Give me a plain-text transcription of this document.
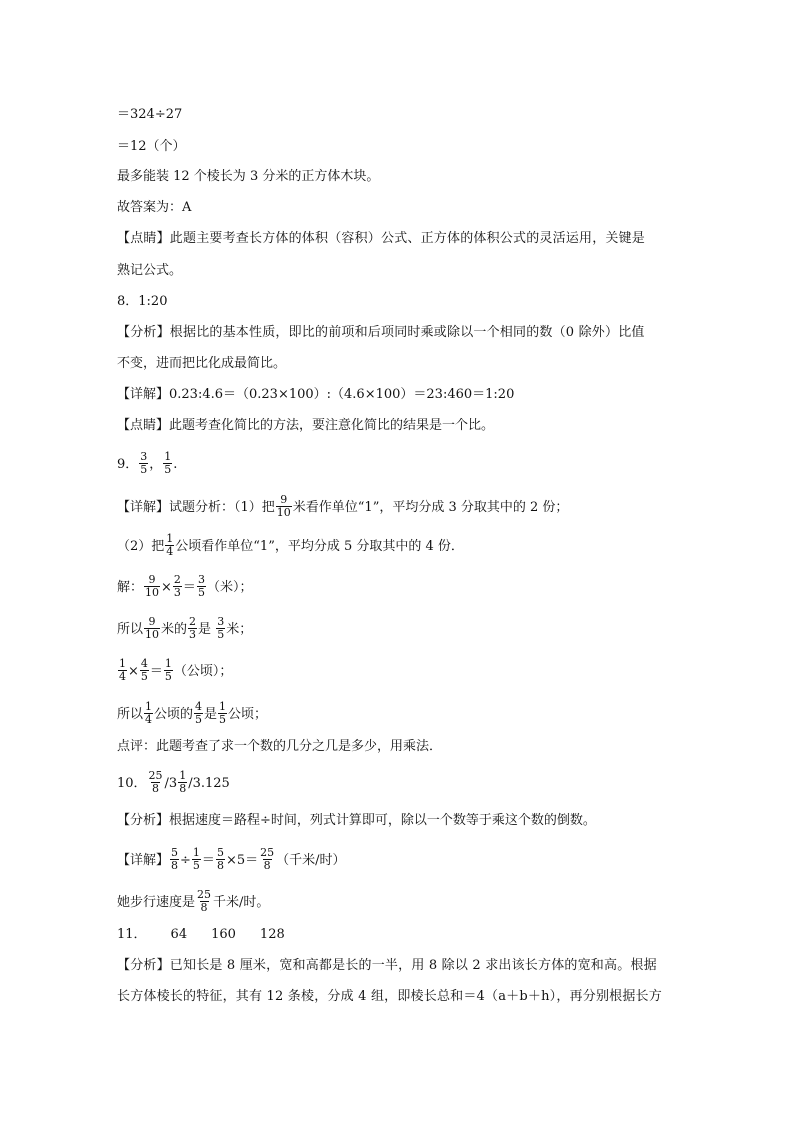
＝324÷27
＝12（个）
最多能装 12 个棱长为 3 分米的正方体木块。
故答案为：A
【点睛】此题主要考查长方体的体积（容积）公式、正方体的体积公式的灵活运用，关键是
熟记公式。
8．1:20
【分析】根据比的基本性质，即比的前项和后项同时乘或除以一个相同的数（0 除外）比值
不变，进而把比化成最简比。
【详解】0.23:4.6＝（0.23×100）:（4.6×100）＝23:460＝1:20
【点睛】此题考查化简比的方法，要注意化简比的结果是一个比。
9． $\frac{3}{5}$ ， $\frac{1}{5}$ .
【详解】试题分析：（1）把 $\frac{9}{10}$ 米看作单位“1”，平均分成 3 分取其中的 2 份；
（2）把 $\frac{1}{4}$ 公顷看作单位“1”，平均分成 5 分取其中的 4 份．
解： $\frac{9}{10} \times \frac{2}{3} = \frac{3}{5}$ （米）；
所以 $\frac{9}{10}$ 米的 $\frac{2}{3}$ 是 $\frac{3}{5}$ 米；
$\frac{1}{4} \times \frac{4}{5} = \frac{1}{5}$ （公顷）；
所以 $\frac{1}{4}$ 公顷的 $\frac{4}{5}$ 是 $\frac{1}{5}$ 公顷；
点评：此题考查了求一个数的几分之几是多少，用乘法．
10． $\frac{25}{8} /3 \frac{1}{8} /3.125$
【分析】根据速度＝路程÷时间，列式计算即可，除以一个数等于乘这个数的倒数。
【详解】 $\frac{5}{8} \div \frac{1}{5} = \frac{5}{8} \times 5= \frac{25}{8}$ （千米/时）
她步行速度是 $\frac{25}{8}$ 千米/时。
11． 64 160 128
【分析】已知长是 8 厘米，宽和高都是长的一半，用 8 除以 2 求出该长方体的宽和高。根据
长方体棱长的特征，其有 12 条棱，分成 4 组，即棱长总和＝4（a＋b＋h），再分别根据长方
